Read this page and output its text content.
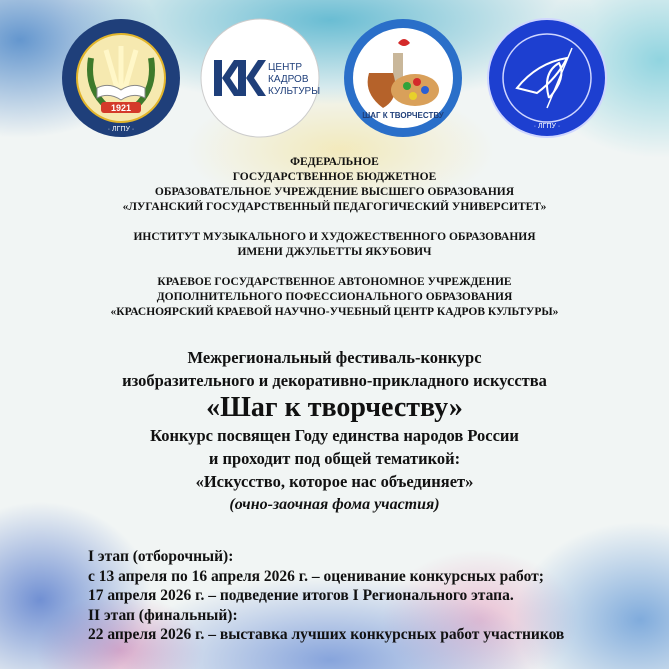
1921
· ЛГПУ ·
ЦЕНТР
КАДРОВ
КУЛЬТУРЫ
ШАГ К ТВОРЧЕСТВУ
· ЛГПУ ·
ФЕДЕРАЛЬНОЕ
ГОСУДАРСТВЕННОЕ БЮДЖЕТНОЕ
ОБРАЗОВАТЕЛЬНОЕ УЧРЕЖДЕНИЕ ВЫСШЕГО ОБРАЗОВАНИЯ
«ЛУГАНСКИЙ ГОСУДАРСТВЕННЫЙ ПЕДАГОГИЧЕСКИЙ УНИВЕРСИТЕТ»
ИНСТИТУТ МУЗЫКАЛЬНОГО И ХУДОЖЕСТВЕННОГО ОБРАЗОВАНИЯ
ИМЕНИ ДЖУЛЬЕТТЫ ЯКУБОВИЧ
КРАЕВОЕ ГОСУДАРСТВЕННОЕ АВТОНОМНОЕ УЧРЕЖДЕНИЕ
ДОПОЛНИТЕЛЬНОГО ПОФЕССИОНАЛЬНОГО ОБРАЗОВАНИЯ
«КРАСНОЯРСКИЙ КРАЕВОЙ НАУЧНО-УЧЕБНЫЙ ЦЕНТР КАДРОВ КУЛЬТУРЫ»
Межрегиональный фестиваль-конкурс
изобразительного и декоративно-прикладного искусства
«Шаг к творчеству»
Конкурс посвящен Году единства народов России
и проходит под общей тематикой:
«Искусство, которое нас объединяет»
(очно-заочная фома участия)
I этап (отборочный):
с 13 апреля по 16 апреля 2026 г. – оценивание конкурсных работ;
17 апреля 2026 г. – подведение итогов I Регионального этапа.
II этап (финальный):
22 апреля 2026 г. – выставка лучших конкурсных работ участников
